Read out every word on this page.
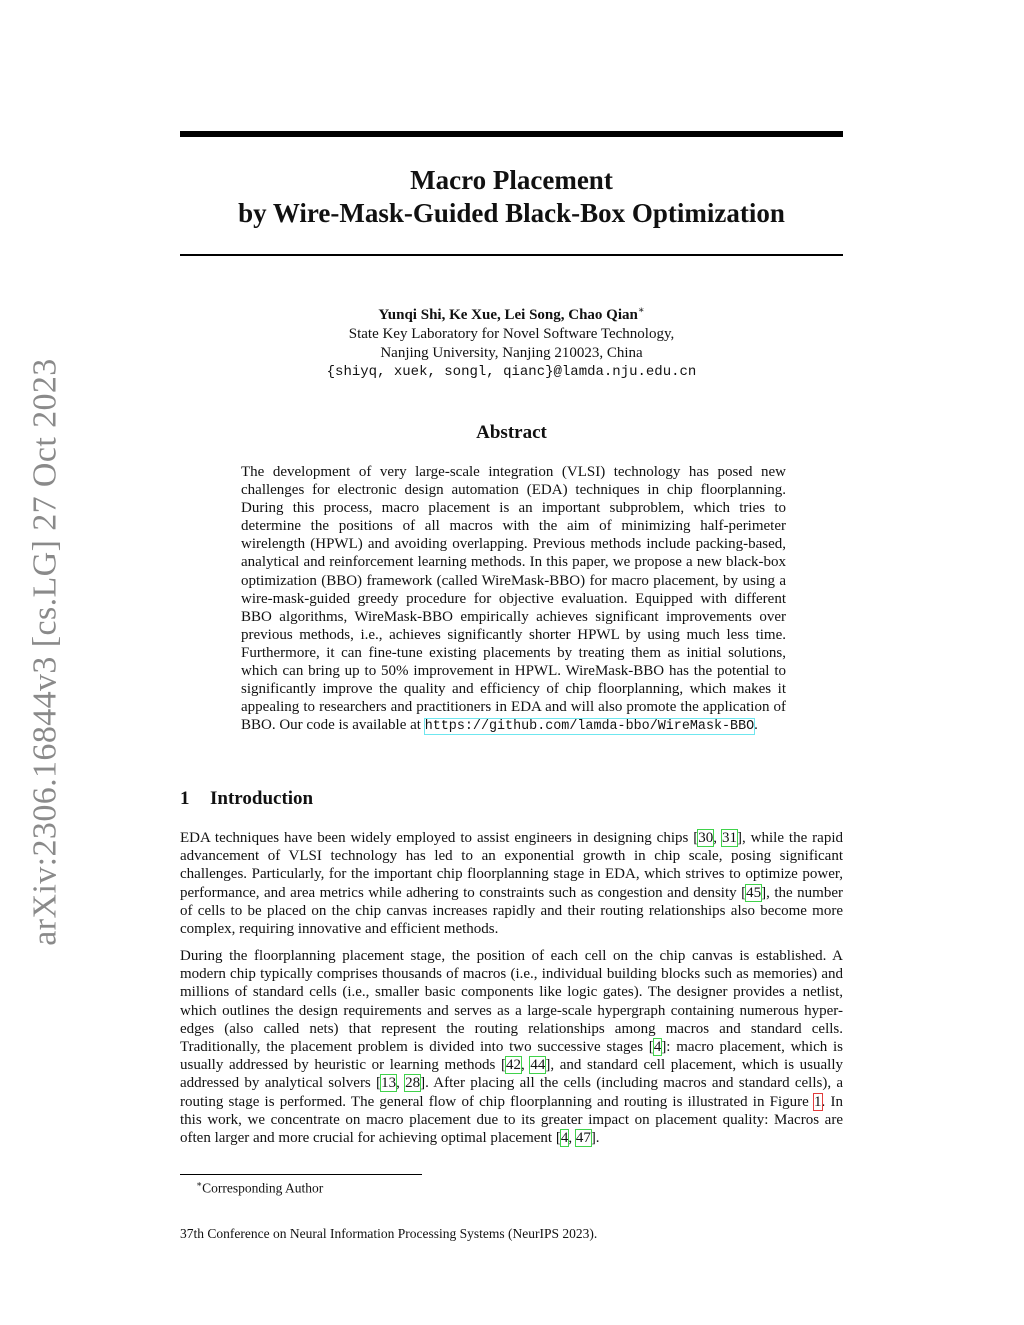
arXiv:2306.16844v3 [cs.LG] 27 Oct 2023
Macro Placement
by Wire-Mask-Guided Black-Box Optimization
Yunqi Shi, Ke Xue, Lei Song, Chao Qian∗
State Key Laboratory for Novel Software Technology,
Nanjing University, Nanjing 210023, China
{shiyq, xuek, songl, qianc}@lamda.nju.edu.cn
Abstract
The development of very large-scale integration (VLSI) technology has posed new challenges for electronic design automation (EDA) techniques in chip floorplanning. During this process, macro placement is an important subproblem, which tries to determine the positions of all macros with the aim of minimizing half-perimeter wirelength (HPWL) and avoiding overlapping. Previous methods include packing-based, analytical and reinforcement learning methods. In this paper, we propose a new black-box optimization (BBO) framework (called WireMask-BBO) for macro placement, by using a wire-mask-guided greedy procedure for objective evaluation. Equipped with different BBO algorithms, WireMask-BBO empirically achieves significant improvements over previous methods, i.e., achieves significantly shorter HPWL by using much less time. Furthermore, it can fine-tune existing placements by treating them as initial solutions, which can bring up to 50% improvement in HPWL. WireMask-BBO has the potential to significantly improve the quality and efficiency of chip floorplanning, which makes it appealing to researchers and practitioners in EDA and will also promote the application of BBO. Our code is available at https://github.com/lamda-bbo/WireMask-BBO.
1 Introduction

EDA techniques have been widely employed to assist engineers in designing chips [30, 31], while the rapid advancement of VLSI technology has led to an exponential growth in chip scale, posing significant challenges. Particularly, for the important chip floorplanning stage in EDA, which strives to optimize power, performance, and area metrics while adhering to constraints such as congestion and density [45], the number of cells to be placed on the chip canvas increases rapidly and their routing relationships also become more complex, requiring innovative and efficient methods.

During the floorplanning placement stage, the position of each cell on the chip canvas is established. A modern chip typically comprises thousands of macros (i.e., individual building blocks such as memories) and millions of standard cells (i.e., smaller basic components like logic gates). The designer provides a netlist, which outlines the design requirements and serves as a large-scale hypergraph containing numerous hyper-edges (also called nets) that represent the routing relationships among macros and standard cells. Traditionally, the placement problem is divided into two successive stages [4]: macro placement, which is usually addressed by heuristic or learning methods [42, 44], and standard cell placement, which is usually addressed by analytical solvers [13, 28]. After placing all the cells (including macros and standard cells), a routing stage is performed. The general flow of chip floorplanning and routing is illustrated in Figure 1. In this work, we concentrate on macro placement due to its greater impact on placement quality: Macros are often larger and more crucial for achieving optimal placement [4, 47].

∗Corresponding Author
37th Conference on Neural Information Processing Systems (NeurIPS 2023).
